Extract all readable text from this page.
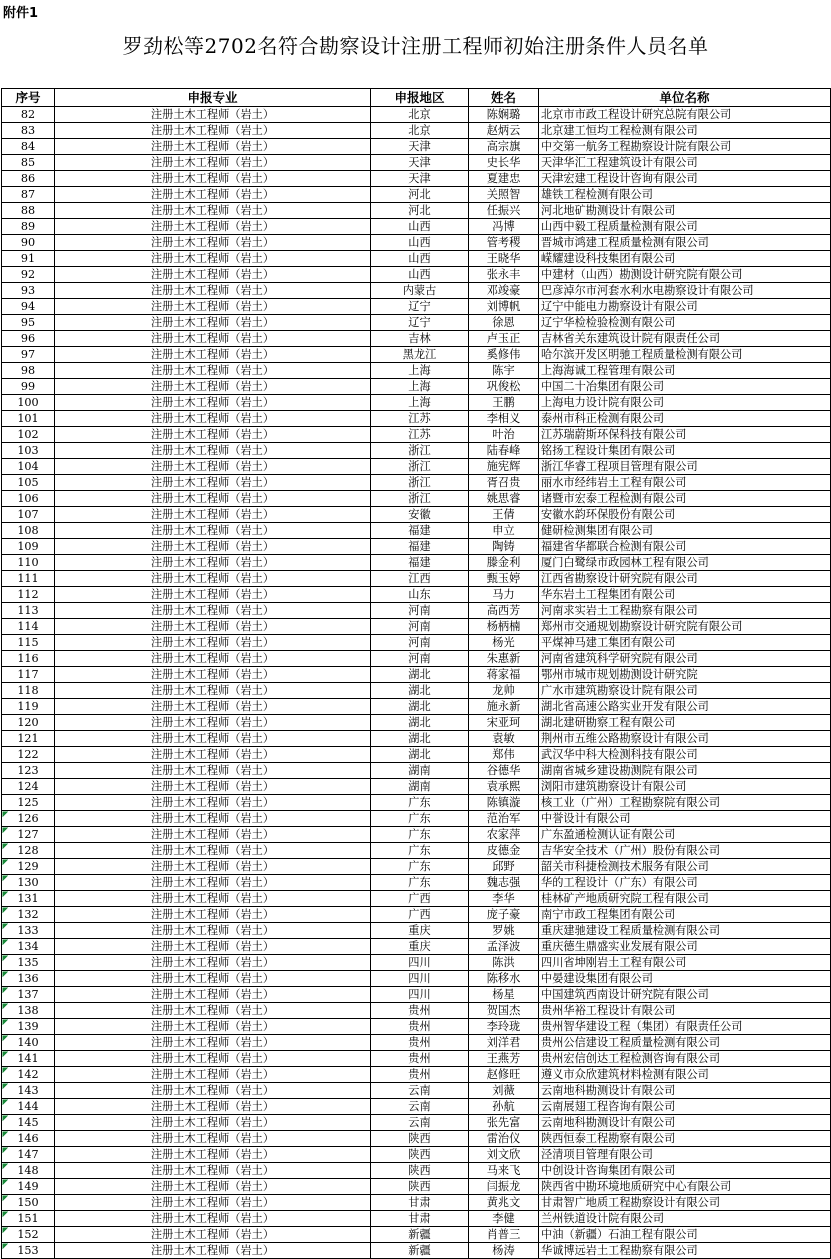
附件1
罗劲松等2702名符合勘察设计注册工程师初始注册条件人员名单
序号	申报专业	申报地区	姓名	单位名称
82	注册土木工程师（岩土）	北京	陈娴璐	北京市市政工程设计研究总院有限公司
83	注册土木工程师（岩土）	北京	赵炳云	北京建工恒均工程检测有限公司
84	注册土木工程师（岩土）	天津	高宗旗	中交第一航务工程勘察设计院有限公司
85	注册土木工程师（岩土）	天津	史长华	天津华汇工程建筑设计有限公司
86	注册土木工程师（岩土）	天津	夏建忠	天津宏建工程设计咨询有限公司
87	注册土木工程师（岩土）	河北	关照智	雄铁工程检测有限公司
88	注册土木工程师（岩土）	河北	任振兴	河北地矿勘测设计有限公司
89	注册土木工程师（岩土）	山西	冯博	山西中毅工程质量检测有限公司
90	注册土木工程师（岩土）	山西	管考稷	晋城市鸿建工程质量检测有限公司
91	注册土木工程师（岩土）	山西	王晓华	嵘耀建设科技集团有限公司
92	注册土木工程师（岩土）	山西	张永丰	中建材（山西）勘测设计研究院有限公司
93	注册土木工程师（岩土）	内蒙古	邓竣豪	巴彦淖尔市河套水利水电勘察设计有限公司
94	注册土木工程师（岩土）	辽宁	刘博帆	辽宁中能电力勘察设计有限公司
95	注册土木工程师（岩土）	辽宁	徐恩	辽宁华检检验检测有限公司
96	注册土木工程师（岩土）	吉林	卢玉正	吉林省关东建筑设计院有限责任公司
97	注册土木工程师（岩土）	黑龙江	奚修伟	哈尔滨开发区明驰工程质量检测有限公司
98	注册土木工程师（岩土）	上海	陈宇	上海海诚工程管理有限公司
99	注册土木工程师（岩土）	上海	巩俊松	中国二十冶集团有限公司
100	注册土木工程师（岩土）	上海	王鹏	上海电力设计院有限公司
101	注册土木工程师（岩土）	江苏	李相义	泰州市科正检测有限公司
102	注册土木工程师（岩土）	江苏	叶治	江苏瑞蔚斯环保科技有限公司
103	注册土木工程师（岩土）	浙江	陆春峰	铭扬工程设计集团有限公司
104	注册土木工程师（岩土）	浙江	施宪辉	浙江华睿工程项目管理有限公司
105	注册土木工程师（岩土）	浙江	胥召贵	丽水市经纬岩土工程有限公司
106	注册土木工程师（岩土）	浙江	姚思睿	诸暨市宏泰工程检测有限公司
107	注册土木工程师（岩土）	安徽	王倩	安徽水韵环保股份有限公司
108	注册土木工程师（岩土）	福建	申立	健研检测集团有限公司
109	注册土木工程师（岩土）	福建	陶铸	福建省华都联合检测有限公司
110	注册土木工程师（岩土）	福建	滕金利	厦门白鹭绿市政园林工程有限公司
111	注册土木工程师（岩土）	江西	甄玉婷	江西省勘察设计研究院有限公司
112	注册土木工程师（岩土）	山东	马力	华东岩土工程集团有限公司
113	注册土木工程师（岩土）	河南	高西芳	河南求实岩土工程勘察有限公司
114	注册土木工程师（岩土）	河南	杨柄楠	郑州市交通规划勘察设计研究院有限公司
115	注册土木工程师（岩土）	河南	杨光	平煤神马建工集团有限公司
116	注册土木工程师（岩土）	河南	朱惠新	河南省建筑科学研究院有限公司
117	注册土木工程师（岩土）	湖北	蒋家福	鄂州市城市规划勘测设计研究院
118	注册土木工程师（岩土）	湖北	龙帅	广水市建筑勘察设计院有限公司
119	注册土木工程师（岩土）	湖北	施永新	湖北省高速公路实业开发有限公司
120	注册土木工程师（岩土）	湖北	宋亚珂	湖北建研勘察工程有限公司
121	注册土木工程师（岩土）	湖北	袁敏	荆州市五维公路勘察设计有限公司
122	注册土木工程师（岩土）	湖北	郑伟	武汉华中科大检测科技有限公司
123	注册土木工程师（岩土）	湖南	谷德华	湖南省城乡建设勘测院有限公司
124	注册土木工程师（岩土）	湖南	袁承熙	浏阳市建筑勘察设计有限公司
125	注册土木工程师（岩土）	广东	陈镇漩	核工业（广州）工程勘察院有限公司
126	注册土木工程师（岩土）	广东	范治军	中誉设计有限公司
127	注册土木工程师（岩土）	广东	农家萍	广东盈通检测认证有限公司
128	注册土木工程师（岩土）	广东	皮德金	吉华安全技术（广州）股份有限公司
129	注册土木工程师（岩土）	广东	邱野	韶关市科捷检测技术服务有限公司
130	注册土木工程师（岩土）	广东	魏志强	华的工程设计（广东）有限公司
131	注册土木工程师（岩土）	广西	李华	桂林矿产地质研究院工程有限公司
132	注册土木工程师（岩土）	广西	庞子豪	南宁市政工程集团有限公司
133	注册土木工程师（岩土）	重庆	罗姚	重庆建驰建设工程质量检测有限公司
134	注册土木工程师（岩土）	重庆	孟泽波	重庆德生鼎盛实业发展有限公司
135	注册土木工程师（岩土）	四川	陈洪	四川省坤刚岩土工程有限公司
136	注册土木工程师（岩土）	四川	陈移水	中晏建设集团有限公司
137	注册土木工程师（岩土）	四川	杨星	中国建筑西南设计研究院有限公司
138	注册土木工程师（岩土）	贵州	贺国杰	贵州华裕工程设计有限公司
139	注册土木工程师（岩土）	贵州	李玲珑	贵州智华建设工程（集团）有限责任公司
140	注册土木工程师（岩土）	贵州	刘洋君	贵州公信建设工程质量检测有限公司
141	注册土木工程师（岩土）	贵州	王燕芳	贵州宏信创达工程检测咨询有限公司
142	注册土木工程师（岩土）	贵州	赵修旺	遵义市众欣建筑材料检测有限公司
143	注册土木工程师（岩土）	云南	刘薇	云南地科勘测设计有限公司
144	注册土木工程师（岩土）	云南	孙航	云南展翅工程咨询有限公司
145	注册土木工程师（岩土）	云南	张先富	云南地科勘测设计有限公司
146	注册土木工程师（岩土）	陕西	雷治仪	陕西恒泰工程勘察有限公司
147	注册土木工程师（岩土）	陕西	刘文欣	泾清项目管理有限公司
148	注册土木工程师（岩土）	陕西	马来飞	中创设计咨询集团有限公司
149	注册土木工程师（岩土）	陕西	闫振龙	陕西省中勘环境地质研究中心有限公司
150	注册土木工程师（岩土）	甘肃	黄兆文	甘肃智广地质工程勘察设计有限公司
151	注册土木工程师（岩土）	甘肃	李健	兰州铁道设计院有限公司
152	注册土木工程师（岩土）	新疆	肖普三	中油（新疆）石油工程有限公司
153	注册土木工程师（岩土）	新疆	杨涛	华诚博远岩土工程勘察有限公司
